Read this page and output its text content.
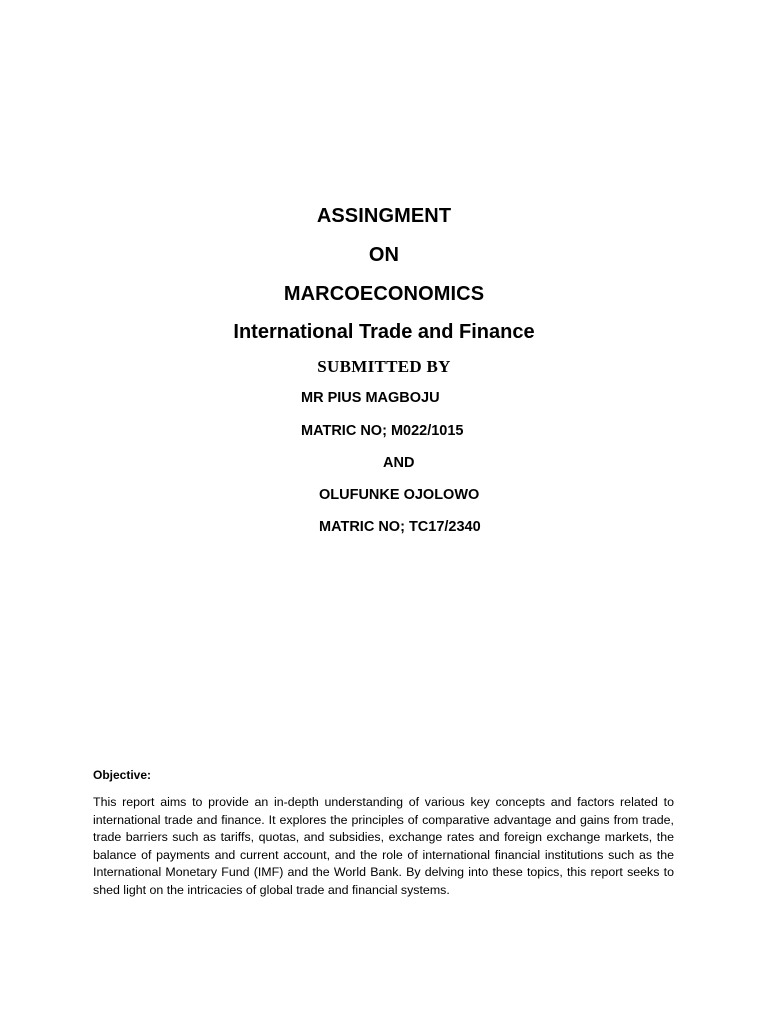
ASSINGMENT
ON
MARCOECONOMICS
International Trade and Finance
SUBMITTED BY
MR PIUS MAGBOJU
MATRIC NO; M022/1015
AND
OLUFUNKE OJOLOWO
MATRIC NO; TC17/2340
Objective:
This report aims to provide an in-depth understanding of various key concepts and factors related to international trade and finance. It explores the principles of comparative advantage and gains from trade, trade barriers such as tariffs, quotas, and subsidies, exchange rates and foreign exchange markets, the balance of payments and current account, and the role of international financial institutions such as the International Monetary Fund (IMF) and the World Bank. By delving into these topics, this report seeks to shed light on the intricacies of global trade and financial systems.
